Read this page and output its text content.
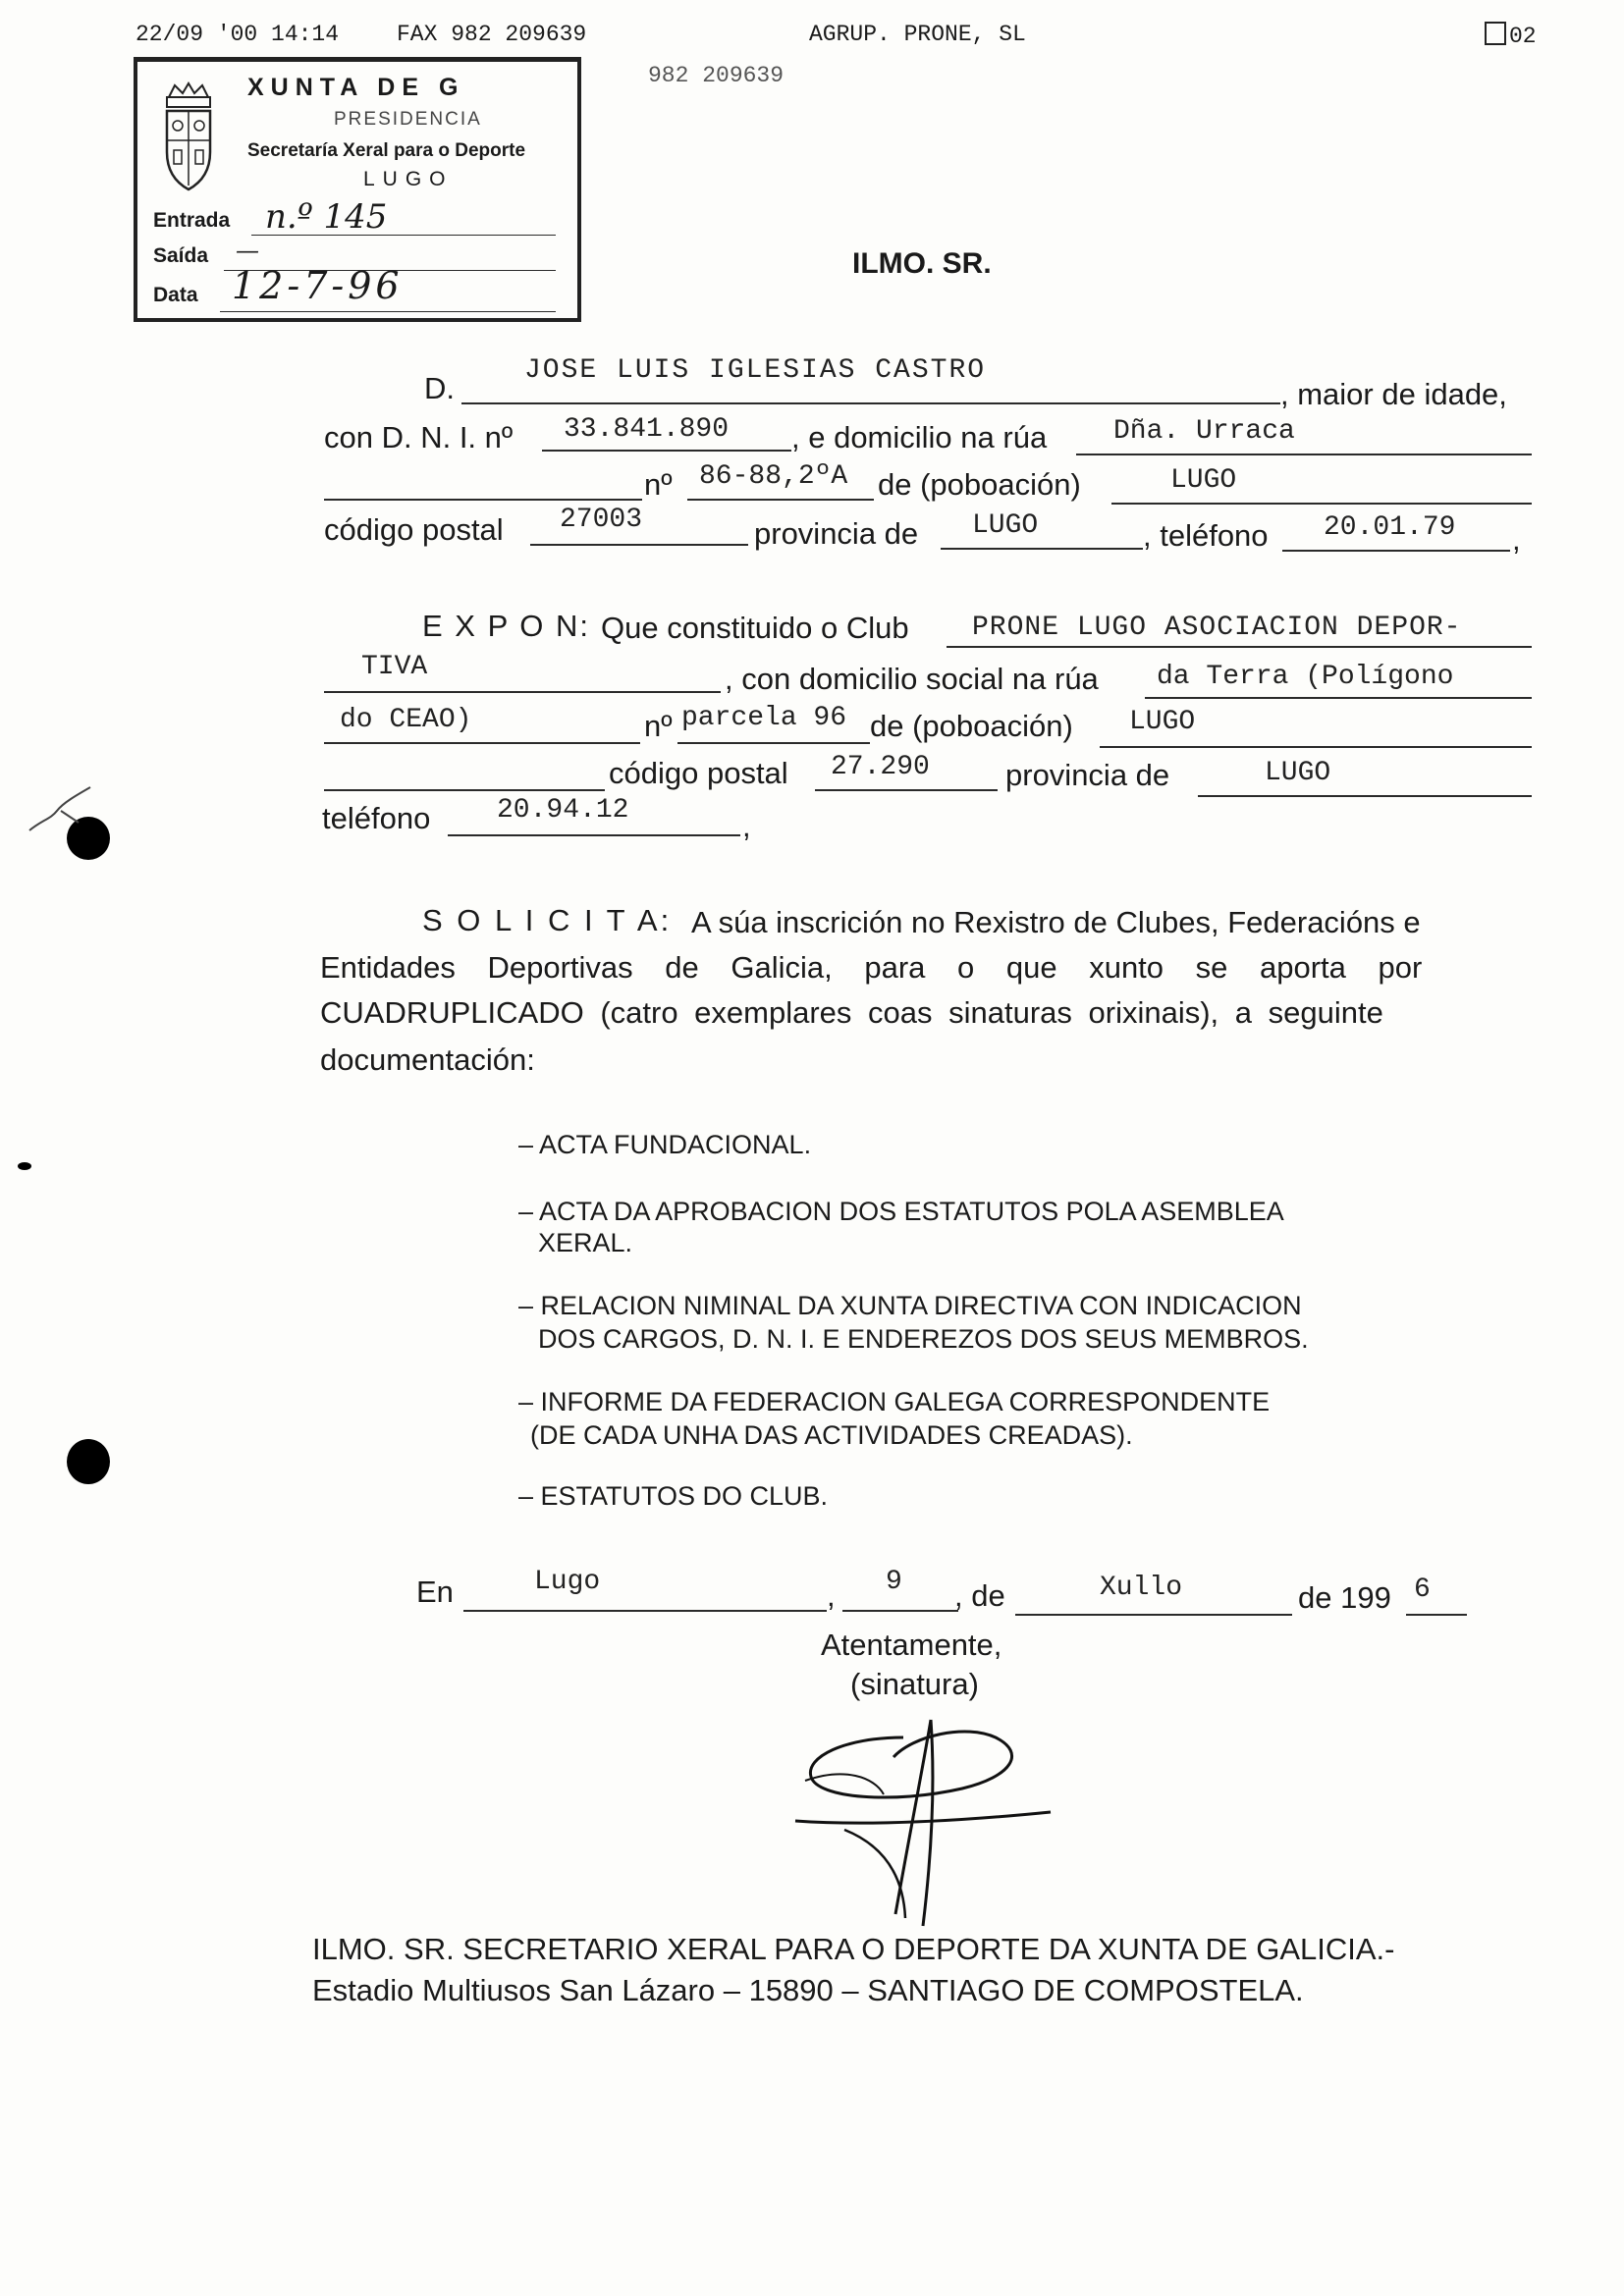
22/09 '00 14:14	FAX 982 209639	AGRUP. PRONE, SL	02
XUNTA DE G
PRESIDENCIA
Secretaría Xeral para o Deporte
LUGO
Entrada n.º 145
Saída —
Data 12-7-96
982 209639
ILMO. SR.
D.
JOSE LUIS IGLESIAS CASTRO
, maior de idade,
con D. N. I. nº 33.841.890 , e domicilio na rúa Dña. Urraca
nº 86-88,2ºA de (poboación)	LUGO
código postal 27003	provincia de LUGO	, teléfono 20.01.79 ,
E X P O N: Que constituido o Club PRONE LUGO ASOCIACION DEPOR-
TIVA	, con domicilio social na rúa da Terra (Polígono
do CEAO)	nº parcela 96 de (poboación) LUGO
código postal 27.290 provincia de	LUGO
teléfono 20.94.12	,
S O L I C I T A: A súa inscrición no Rexistro de Clubes, Federacións e
Entidades Deportivas de Galicia, para o que xunto se aporta por
CUADRUPLICADO (catro exemplares coas sinaturas orixinais), a seguinte
documentación:
– ACTA FUNDACIONAL.
– ACTA DA APROBACION DOS ESTATUTOS POLA ASEMBLEA
XERAL.
– RELACION NIMINAL DA XUNTA DIRECTIVA CON INDICACION
DOS CARGOS, D. N. I. E ENDEREZOS DOS SEUS MEMBROS.
– INFORME DA FEDERACION GALEGA CORRESPONDENTE
(DE CADA UNHA DAS ACTIVIDADES CREADAS).
– ESTATUTOS DO CLUB.
En	Lugo	, 9 , de	Xullo	de 199 6
Atentamente,
(sinatura)
ILMO. SR. SECRETARIO XERAL PARA O DEPORTE DA XUNTA DE GALICIA.-
Estadio Multiusos San Lázaro – 15890 – SANTIAGO DE COMPOSTELA.
